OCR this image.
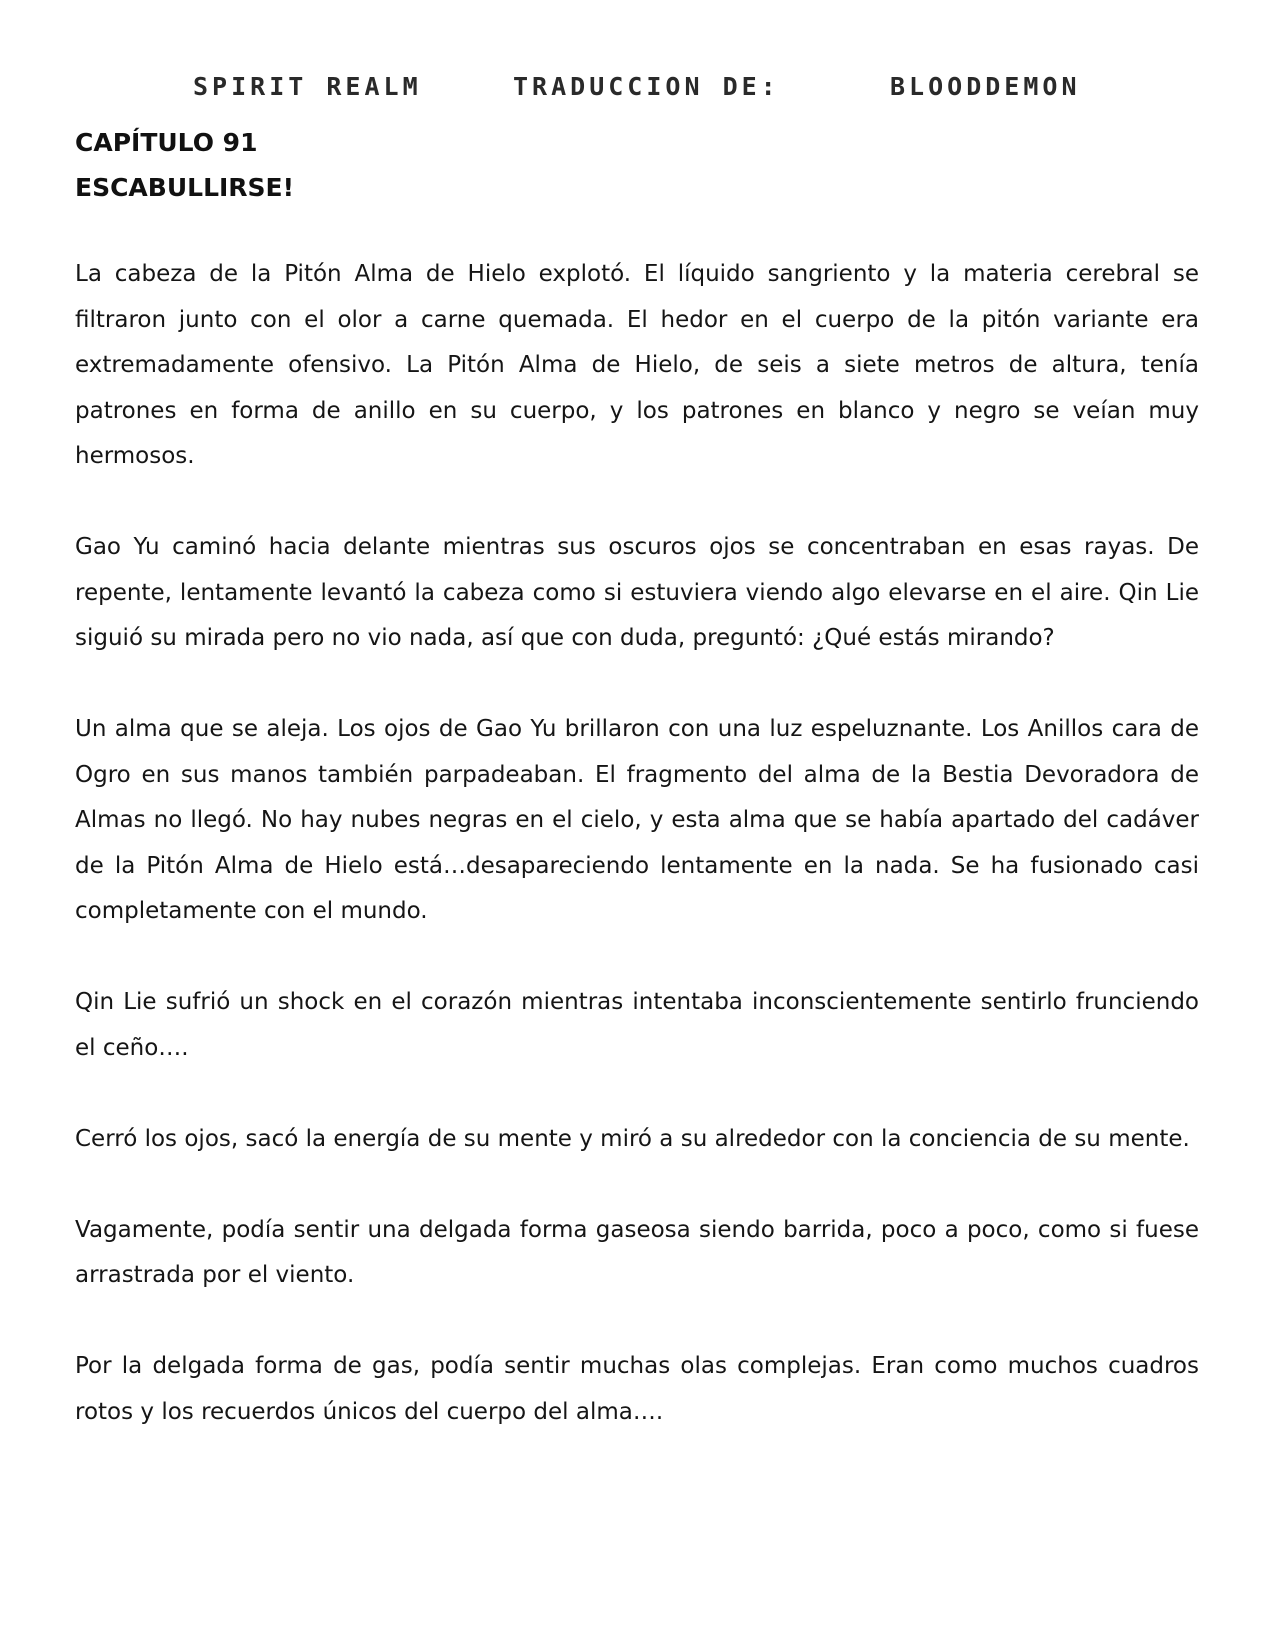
SPIRIT REALM	TRADUCCION DE:	BLOODDEMON
CAPÍTULO 91
ESCABULLIRSE!

La cabeza de la Pitón Alma de Hielo explotó. El líquido sangriento y la materia cerebral se filtraron junto con el olor a carne quemada. El hedor en el cuerpo de la pitón variante era extremadamente ofensivo. La Pitón Alma de Hielo, de seis a siete metros de altura, tenía patrones en forma de anillo en su cuerpo, y los patrones en blanco y negro se veían muy hermosos.

Gao Yu caminó hacia delante mientras sus oscuros ojos se concentraban en esas rayas. De repente, lentamente levantó la cabeza como si estuviera viendo algo elevarse en el aire. Qin Lie siguió su mirada pero no vio nada, así que con duda, preguntó: ¿Qué estás mirando?

Un alma que se aleja. Los ojos de Gao Yu brillaron con una luz espeluznante. Los Anillos cara de Ogro en sus manos también parpadeaban. El fragmento del alma de la Bestia Devoradora de Almas no llegó. No hay nubes negras en el cielo, y esta alma que se había apartado del cadáver de la Pitón Alma de Hielo está…desapareciendo lentamente en la nada. Se ha fusionado casi completamente con el mundo.

Qin Lie sufrió un shock en el corazón mientras intentaba inconscientemente sentirlo frunciendo el ceño….

Cerró los ojos, sacó la energía de su mente y miró a su alrededor con la conciencia de su mente.

Vagamente, podía sentir una delgada forma gaseosa siendo barrida, poco a poco, como si fuese arrastrada por el viento.

Por la delgada forma de gas, podía sentir muchas olas complejas. Eran como muchos cuadros rotos y los recuerdos únicos del cuerpo del alma….
